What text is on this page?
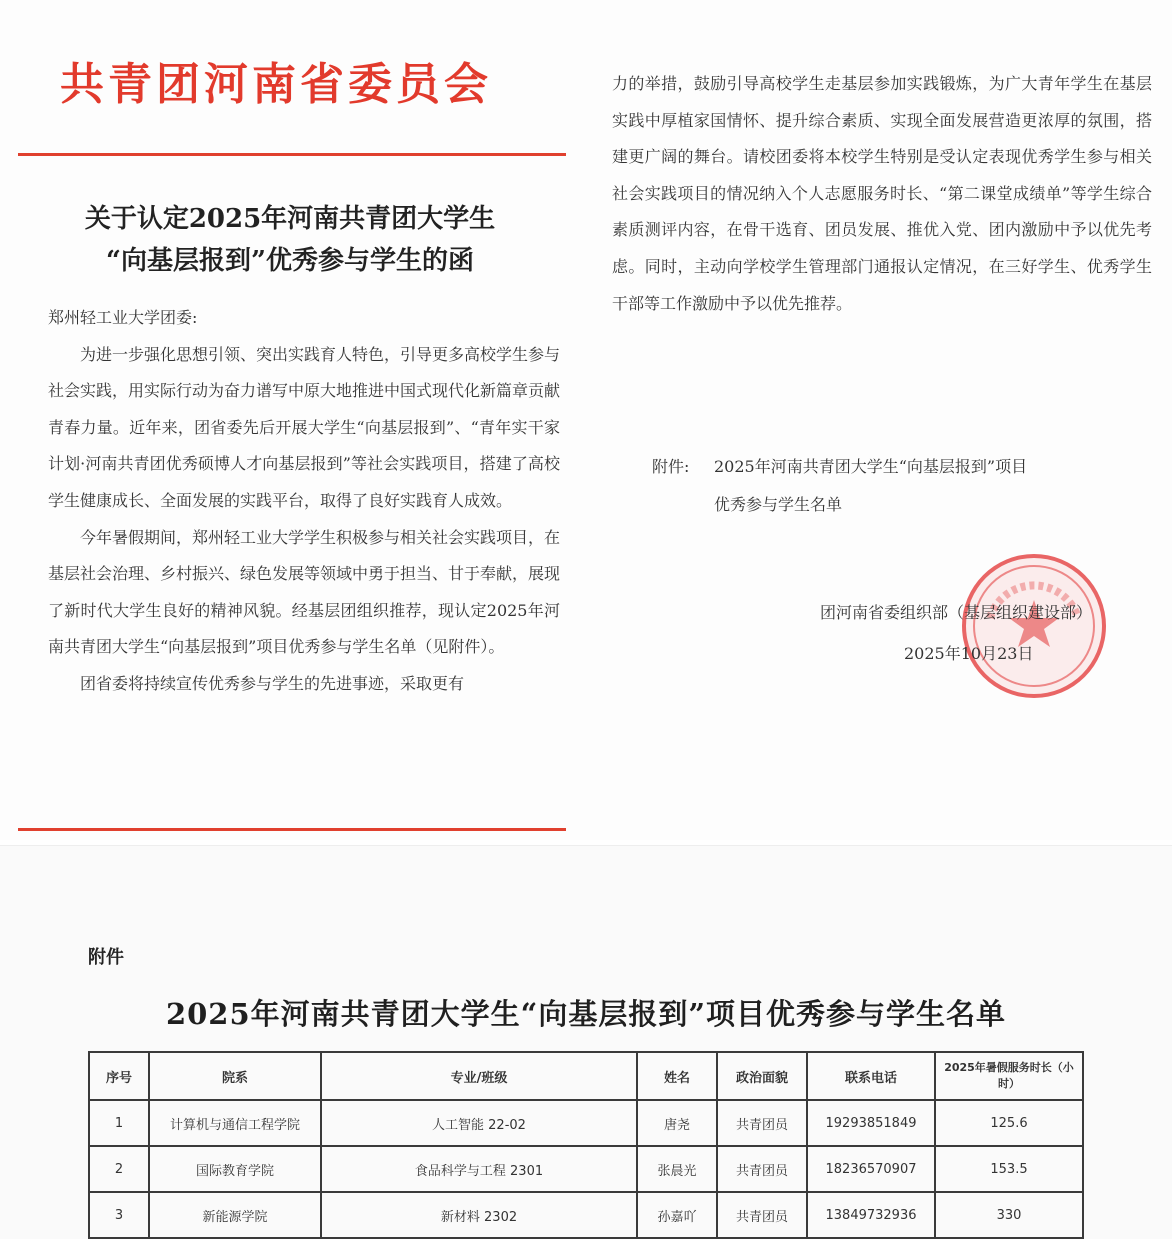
共青团河南省委员会
关于认定2025年河南共青团大学生
“向基层报到”优秀参与学生的函

郑州轻工业大学团委:

为进一步强化思想引领、突出实践育人特色，引导更多高校学生参与社会实践，用实际行动为奋力谱写中原大地推进中国式现代化新篇章贡献青春力量。近年来，团省委先后开展大学生“向基层报到”、“青年实干家计划·河南共青团优秀硕博人才向基层报到”等社会实践项目，搭建了高校学生健康成长、全面发展的实践平台，取得了良好实践育人成效。

今年暑假期间，郑州轻工业大学学生积极参与相关社会实践项目，在基层社会治理、乡村振兴、绿色发展等领域中勇于担当、甘于奉献，展现了新时代大学生良好的精神风貌。经基层团组织推荐，现认定2025年河南共青团大学生“向基层报到”项目优秀参与学生名单（见附件）。

团省委将持续宣传优秀参与学生的先进事迹，采取更有

力的举措，鼓励引导高校学生走基层参加实践锻炼，为广大青年学生在基层实践中厚植家国情怀、提升综合素质、实现全面发展营造更浓厚的氛围，搭建更广阔的舞台。请校团委将本校学生特别是受认定表现优秀学生参与相关社会实践项目的情况纳入个人志愿服务时长、“第二课堂成绩单”等学生综合素质测评内容，在骨干选育、团员发展、推优入党、团内激励中予以优先考虑。同时，主动向学校学生管理部门通报认定情况，在三好学生、优秀学生干部等工作激励中予以优先推荐。

附件: 2025年河南共青团大学生“向基层报到”项目
优秀参与学生名单
团河南省委组织部（基层组织建设部）
2025年10月23日
附件
2025年河南共青团大学生“向基层报到”项目优秀参与学生名单
序号	院系	专业/班级	姓名	政治面貌	联系电话	2025年暑假服务时长（小时）
1	计算机与通信工程学院	人工智能 22-02	唐尧	共青团员	19293851849	125.6
2	国际教育学院	食品科学与工程 2301	张晨光	共青团员	18236570907	153.5
3	新能源学院	新材料 2302	孙嘉吖	共青团员	13849732936	330
